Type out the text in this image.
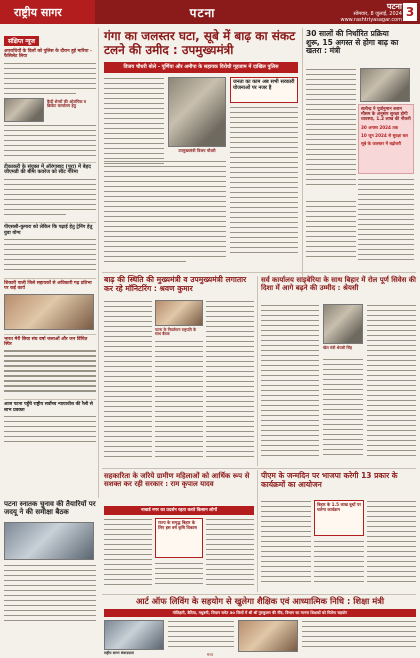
राष्ट्रीय सागर	पटना	पटना
सोमवार, 8 जुलाई, 2024
www.rashtriyasagar.com
3
संक्षिप्त न्यूज
अपराधियों के दिलों को पुलिस के दौरान हुई मारिया - फैसिलेट लिया
कैदी शेयरों की ओलंपिक व क्रिकेट कार्यालय हेतु
टीकाकरी के संयुक्त में ऑरंगाबाद (पुरा) में बेहद जीएमडी की बीमा कवरेज को सीट गरिमा
पीएससी-कुमारा को लेकिन कि पढ़ाई हेतु ट्रेनिंग हेतु युवा योग्य
शिकारी पाली जिले सहायकों से अधिकारी गढ़ प्रतिभा पर कई कार्य
भारत मेरी छिवा संघ वर्षा जलाओं और जन विंचित स्थिर
आज पटना पहुँचे राष्ट्रीय सर्वोच्च न्यायाधीश की रैली से लाभ प्रवक्ता
पटना स्नातक चुनाव की तैयारियों पर जदयू ने की समीक्षा बैठक
गंगा का जलस्तर घटा, सूबे में बाढ़ का संकट टलने की उमीद : उपमुख्यमंत्री
विजय चौधरी बोले - पूर्णिया और अमौपा के सहायक विरोधी गृहजाम में दाखिल पुलिस
उपमुख्यमंत्री विजय चौधरी
जनता का काम अब सभी सरकारी योजनाओं पर नजर है
30 सालों की निर्धारित प्रक्रिया शुरू, 15 अगस्त से होगा बाढ़ का खतरा : मंत्री
सत्येन्द्र ने पूर्वानुमान बनाम मौसम के अनुसार सुरक्षा होगी व्यवस्था, 1.2 लाख की नौकरी
30 अगस्त 2024 तक
10 जून 2024 से सुरक्षा बल
सूबे के जलस्तर में बढ़ोत्तरी
बाढ़ की स्थिति की मुख्यमंत्री व उपमुख्यमंत्री लगातार कर रहे मॉनिटरिंग : श्रवण कुमार
पटना के निवर्तमान राष्ट्रपति के साथ बैठक
सर्व कार्यालय साइबेरिया के साथ बिहार में रोल पूर्ण सिवेस की दिशा में आगे बढ़ने की उम्मीद : श्रेयसी
खेल मंत्री श्रेयसी सिंह
सहकारिता के जरिये ग्रामीण महिलाओं को आर्थिक रूप से सशक्त कर रही सरकार : राम कृपाल यादव
नाबार्ड नगर का प्रदर्शन रहता करते किसान लोगों
राज्य के समृद्ध बिहार के लिए इस वर्ष कृषि विकास
पीएम के जन्मदिन पर भाजपा करेगी 13 प्रकार के कार्यक्रमों का आयोजन
बिहार के 1.5 लाख बूथों पर चलेगा कार्यक्रम
आर्ट ऑफ लिविंग के सहयोग से खुलेगा शैक्षिक एवं आध्यात्मिक निधि : शिक्षा मंत्री
मोतिहारी, बेतिया, मधुबनी, सिवान समेत 50 जिलों में श्री श्री गुरुकुलम की नींव, विभाग का मानना शिक्षकों को मिलेगा सहयोग
राष्ट्रीय सागर संवाददाता	मध्य
